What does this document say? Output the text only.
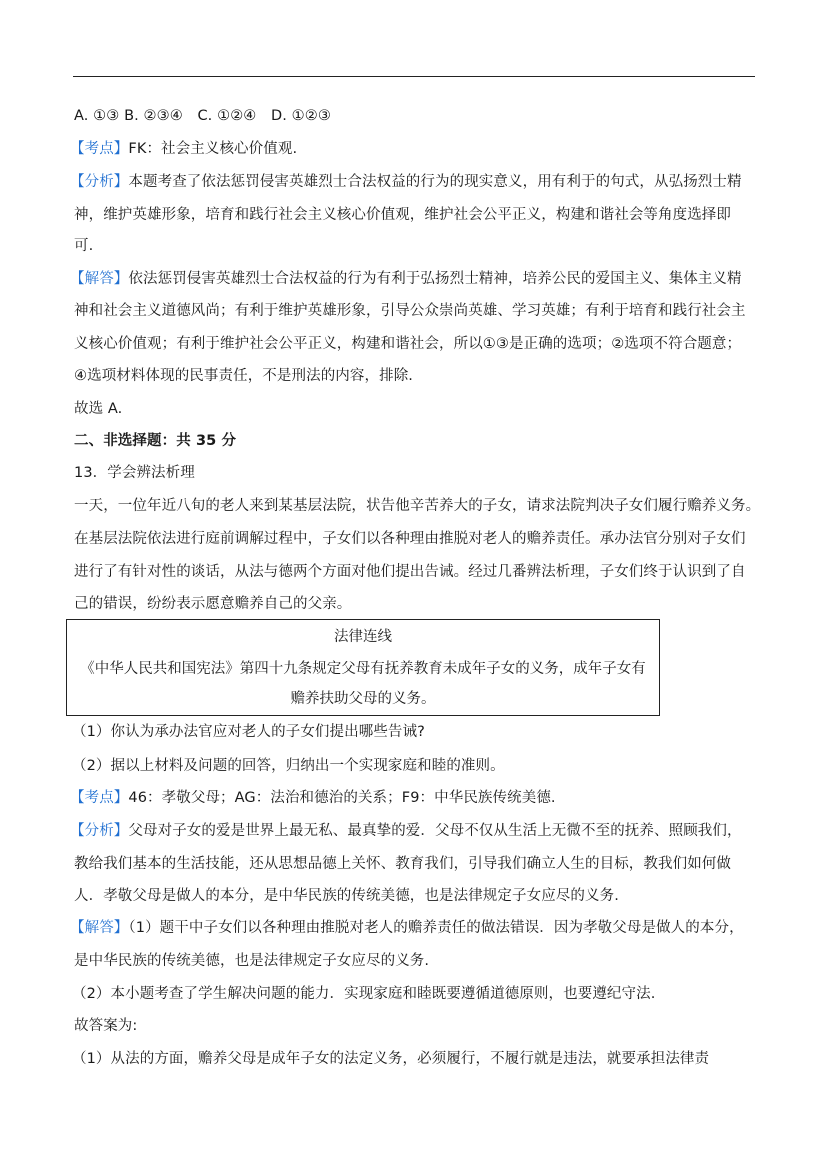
A. ①③ B. ②③④　C. ①②④　D. ①②③
【考点】FK：社会主义核心价值观.
【分析】本题考查了依法惩罚侵害英雄烈士合法权益的行为的现实意义，用有利于的句式，从弘扬烈士精
神，维护英雄形象，培育和践行社会主义核心价值观，维护社会公平正义，构建和谐社会等角度选择即
可.
【解答】依法惩罚侵害英雄烈士合法权益的行为有利于弘扬烈士精神，培养公民的爱国主义、集体主义精
神和社会主义道德风尚；有利于维护英雄形象，引导公众崇尚英雄、学习英雄；有利于培育和践行社会主
义核心价值观；有利于维护社会公平正义，构建和谐社会，所以①③是正确的选项；②选项不符合题意；
④选项材料体现的民事责任，不是刑法的内容，排除.
故选 A.
二、非选择题：共 35 分
13．学会辨法析理
一天，一位年近八旬的老人来到某基层法院，状告他辛苦养大的子女，请求法院判决子女们履行赡养义务。
在基层法院依法进行庭前调解过程中，子女们以各种理由推脱对老人的赡养责任。承办法官分别对子女们
进行了有针对性的谈话，从法与德两个方面对他们提出告诫。经过几番辨法析理，子女们终于认识到了自
己的错误，纷纷表示愿意赡养自己的父亲。
法律连线
《中华人民共和国宪法》第四十九条规定父母有抚养教育未成年子女的义务，成年子女有
赡养扶助父母的义务。
（1）你认为承办法官应对老人的子女们提出哪些告诫?
（2）据以上材料及问题的回答，归纳出一个实现家庭和睦的准则。
【考点】46：孝敬父母；AG：法治和德治的关系；F9：中华民族传统美德.
【分析】父母对子女的爱是世界上最无私、最真挚的爱．父母不仅从生活上无微不至的抚养、照顾我们，
教给我们基本的生活技能，还从思想品德上关怀、教育我们，引导我们确立人生的目标，教我们如何做
人．孝敬父母是做人的本分，是中华民族的传统美德，也是法律规定子女应尽的义务.
【解答】（1）题干中子女们以各种理由推脱对老人的赡养责任的做法错误．因为孝敬父母是做人的本分，
是中华民族的传统美德，也是法律规定子女应尽的义务.
（2）本小题考查了学生解决问题的能力．实现家庭和睦既要遵循道德原则，也要遵纪守法.
故答案为:
（1）从法的方面，赡养父母是成年子女的法定义务，必须履行，不履行就是违法，就要承担法律责
